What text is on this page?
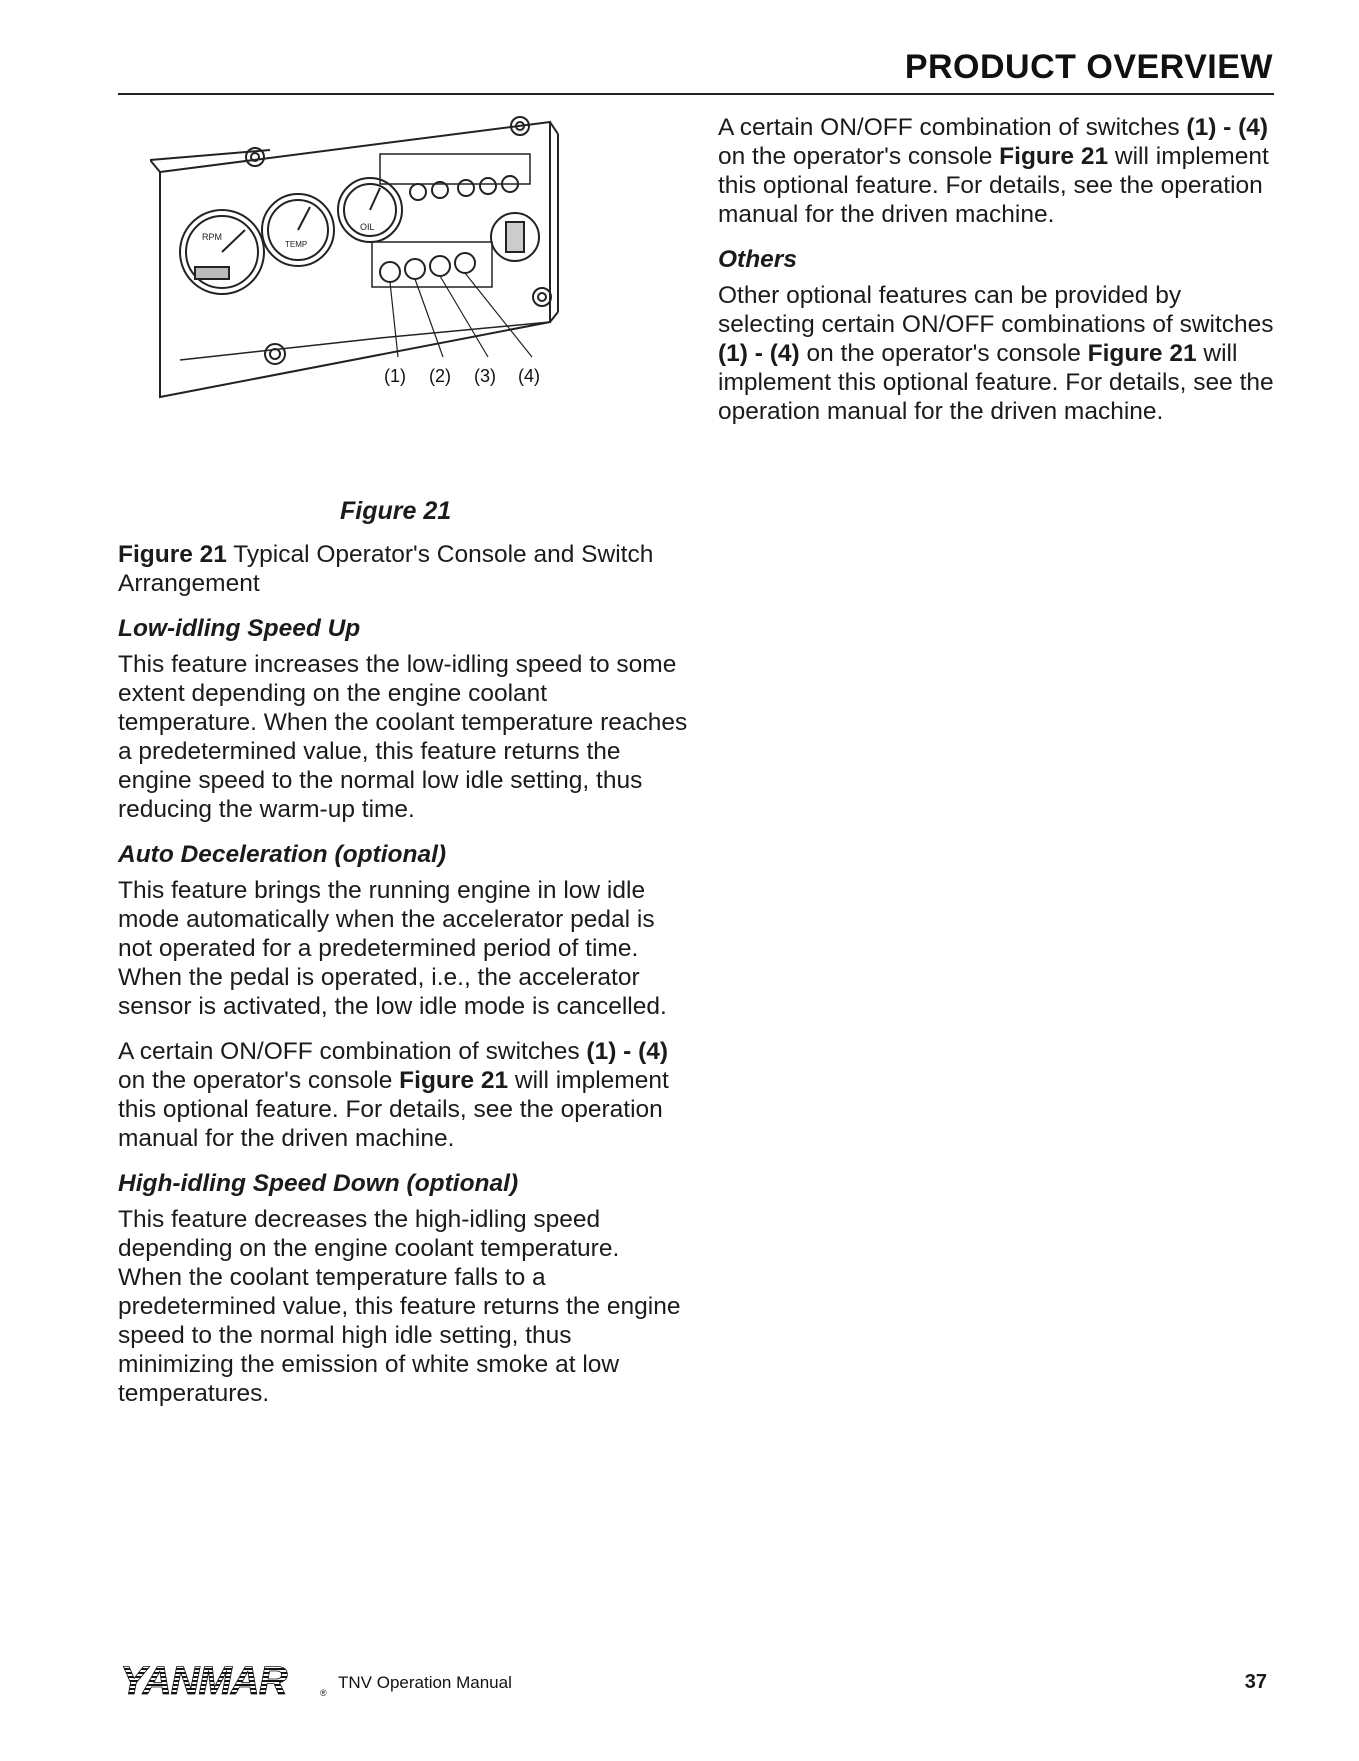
PRODUCT OVERVIEW
RPM
TEMP
OIL
(1) (2) (3) (4)
Figure 21

Figure 21 Typical Operator's Console and Switch Arrangement

Low-idling Speed Up

This feature increases the low-idling speed to some extent depending on the engine coolant temperature. When the coolant temperature reaches a predetermined value, this feature returns the engine speed to the normal low idle setting, thus reducing the warm-up time.

Auto Deceleration (optional)

This feature brings the running engine in low idle mode automatically when the accelerator pedal is not operated for a predetermined period of time. When the pedal is operated, i.e., the accelerator sensor is activated, the low idle mode is cancelled.

A certain ON/OFF combination of switches (1) - (4) on the operator's console Figure 21 will implement this optional feature. For details, see the operation manual for the driven machine.

High-idling Speed Down (optional)

This feature decreases the high-idling speed depending on the engine coolant temperature. When the coolant temperature falls to a predetermined value, this feature returns the engine speed to the normal high idle setting, thus minimizing the emission of white smoke at low temperatures.

A certain ON/OFF combination of switches (1) - (4) on the operator's console Figure 21 will implement this optional feature. For details, see the operation manual for the driven machine.

Others

Other optional features can be provided by selecting certain ON/OFF combinations of switches (1) - (4) on the operator's console Figure 21 will implement this optional feature. For details, see the operation manual for the driven machine.

YANMAR	®
TNV Operation Manual	37
